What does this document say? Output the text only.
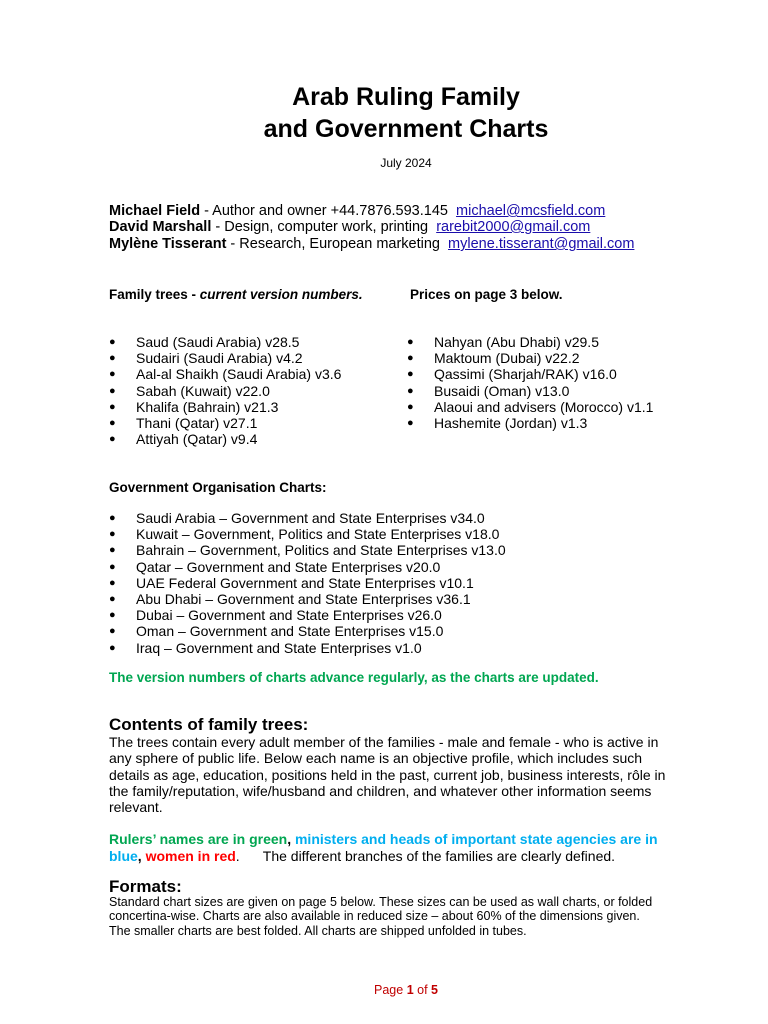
Arab Ruling Family
and Government Charts
July 2024
Michael Field - Author and owner +44.7876.593.145 michael@mcsfield.com
David Marshall - Design, computer work, printing rarebit2000@gmail.com
Mylène Tisserant - Research, European marketing mylene.tisserant@gmail.com
Family trees - current version numbers.	Prices on page 3 below.
● Saud (Saudi Arabia) v28.5
● Sudairi (Saudi Arabia) v4.2
● Aal-al Shaikh (Saudi Arabia) v3.6
● Sabah (Kuwait) v22.0
● Khalifa (Bahrain) v21.3
● Thani (Qatar) v27.1
● Attiyah (Qatar) v9.4
● Nahyan (Abu Dhabi) v29.5
● Maktoum (Dubai) v22.2
● Qassimi (Sharjah/RAK) v16.0
● Busaidi (Oman) v13.0
● Alaoui and advisers (Morocco) v1.1
● Hashemite (Jordan) v1.3
Government Organisation Charts:
● Saudi Arabia – Government and State Enterprises v34.0
● Kuwait – Government, Politics and State Enterprises v18.0
● Bahrain – Government, Politics and State Enterprises v13.0
● Qatar – Government and State Enterprises v20.0
● UAE Federal Government and State Enterprises v10.1
● Abu Dhabi – Government and State Enterprises v36.1
● Dubai – Government and State Enterprises v26.0
● Oman – Government and State Enterprises v15.0
● Iraq – Government and State Enterprises v1.0
The version numbers of charts advance regularly, as the charts are updated.
Contents of family trees:
The trees contain every adult member of the families - male and female - who is active in
any sphere of public life. Below each name is an objective profile, which includes such
details as age, education, positions held in the past, current job, business interests, rôle in
the family/reputation, wife/husband and children, and whatever other information seems
relevant.
Rulers’ names are in green, ministers and heads of important state agencies are in
blue, women in red.      The different branches of the families are clearly defined.
Formats:
Standard chart sizes are given on page 5 below. These sizes can be used as wall charts, or folded
concertina-wise. Charts are also available in reduced size – about 60% of the dimensions given.
The smaller charts are best folded. All charts are shipped unfolded in tubes.
Page 1 of 5
